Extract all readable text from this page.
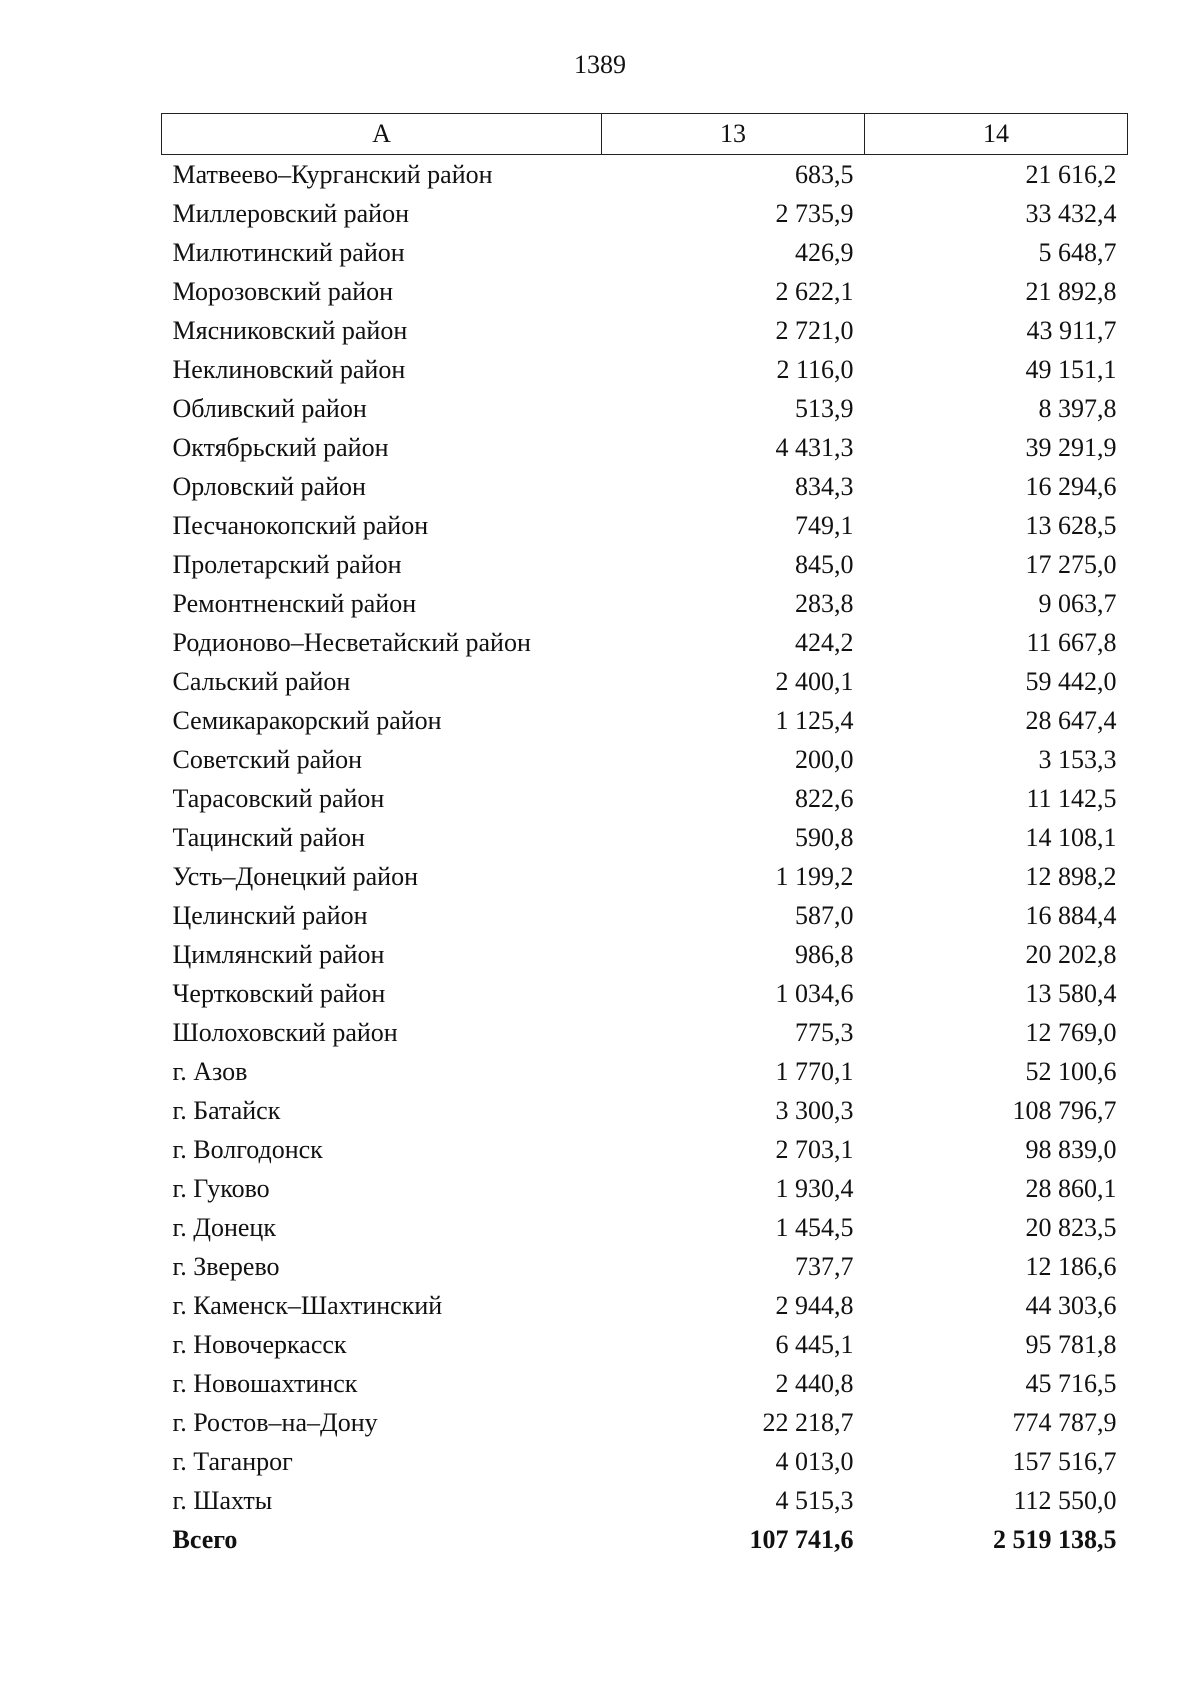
1389
А	13	14
Матвеево–Курганский район	683,5	21 616,2
Миллеровский район	2 735,9	33 432,4
Милютинский район	426,9	5 648,7
Морозовский район	2 622,1	21 892,8
Мясниковский район	2 721,0	43 911,7
Неклиновский район	2 116,0	49 151,1
Обливский район	513,9	8 397,8
Октябрьский район	4 431,3	39 291,9
Орловский район	834,3	16 294,6
Песчанокопский район	749,1	13 628,5
Пролетарский район	845,0	17 275,0
Ремонтненский район	283,8	9 063,7
Родионово–Несветайский район	424,2	11 667,8
Сальский район	2 400,1	59 442,0
Семикаракорский район	1 125,4	28 647,4
Советский район	200,0	3 153,3
Тарасовский район	822,6	11 142,5
Тацинский район	590,8	14 108,1
Усть–Донецкий район	1 199,2	12 898,2
Целинский район	587,0	16 884,4
Цимлянский район	986,8	20 202,8
Чертковский район	1 034,6	13 580,4
Шолоховский район	775,3	12 769,0
г. Азов	1 770,1	52 100,6
г. Батайск	3 300,3	108 796,7
г. Волгодонск	2 703,1	98 839,0
г. Гуково	1 930,4	28 860,1
г. Донецк	1 454,5	20 823,5
г. Зверево	737,7	12 186,6
г. Каменск–Шахтинский	2 944,8	44 303,6
г. Новочеркасск	6 445,1	95 781,8
г. Новошахтинск	2 440,8	45 716,5
г. Ростов–на–Дону	22 218,7	774 787,9
г. Таганрог	4 013,0	157 516,7
г. Шахты	4 515,3	112 550,0
Всего	107 741,6	2 519 138,5
